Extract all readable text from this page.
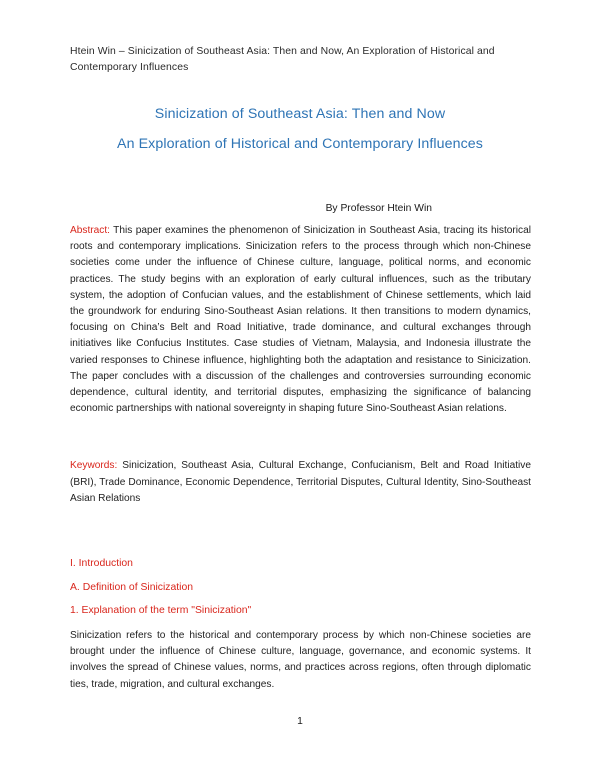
Htein Win – Sinicization of Southeast Asia: Then and Now, An Exploration of Historical and Contemporary Influences
Sinicization of Southeast Asia: Then and Now
An Exploration of Historical and Contemporary Influences
By Professor Htein Win
Abstract: This paper examines the phenomenon of Sinicization in Southeast Asia, tracing its historical roots and contemporary implications. Sinicization refers to the process through which non-Chinese societies come under the influence of Chinese culture, language, political norms, and economic practices. The study begins with an exploration of early cultural influences, such as the tributary system, the adoption of Confucian values, and the establishment of Chinese settlements, which laid the groundwork for enduring Sino-Southeast Asian relations. It then transitions to modern dynamics, focusing on China’s Belt and Road Initiative, trade dominance, and cultural exchanges through initiatives like Confucius Institutes. Case studies of Vietnam, Malaysia, and Indonesia illustrate the varied responses to Chinese influence, highlighting both the adaptation and resistance to Sinicization. The paper concludes with a discussion of the challenges and controversies surrounding economic dependence, cultural identity, and territorial disputes, emphasizing the significance of balancing economic partnerships with national sovereignty in shaping future Sino-Southeast Asian relations.
Keywords: Sinicization, Southeast Asia, Cultural Exchange, Confucianism, Belt and Road Initiative (BRI), Trade Dominance, Economic Dependence, Territorial Disputes, Cultural Identity, Sino-Southeast Asian Relations
I. Introduction
A. Definition of Sinicization
1. Explanation of the term "Sinicization"
Sinicization refers to the historical and contemporary process by which non-Chinese societies are brought under the influence of Chinese culture, language, governance, and economic systems. It involves the spread of Chinese values, norms, and practices across regions, often through diplomatic ties, trade, migration, and cultural exchanges.
1
